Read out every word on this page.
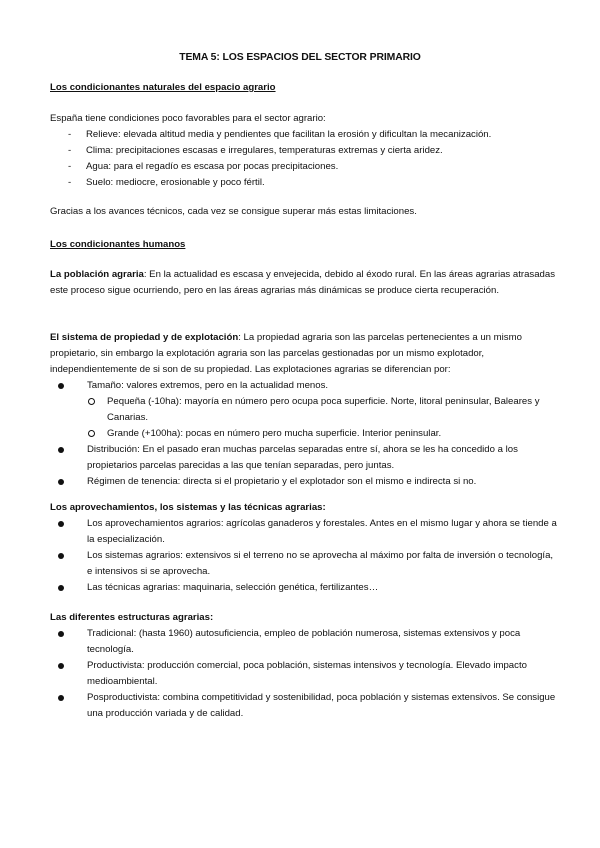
TEMA 5: LOS ESPACIOS DEL SECTOR PRIMARIO

Los condicionantes naturales del espacio agrario

España tiene condiciones poco favorables para el sector agrario:

- Relieve: elevada altitud media y pendientes que facilitan la erosión y dificultan la mecanización.
- Clima: precipitaciones escasas e irregulares, temperaturas extremas y cierta aridez.
- Agua: para el regadío es escasa por pocas precipitaciones.
- Suelo: mediocre, erosionable y poco fértil.

Gracias a los avances técnicos, cada vez se consigue superar más estas limitaciones.

Los condicionantes humanos

La población agraria: En la actualidad es escasa y envejecida, debido al éxodo rural. En las áreas agrarias atrasadas este proceso sigue ocurriendo, pero en las áreas agrarias más dinámicas se produce cierta recuperación.

El sistema de propiedad y de explotación: La propiedad agraria son las parcelas pertenecientes a un mismo propietario, sin embargo la explotación agraria son las parcelas gestionadas por un mismo explotador, independientemente de si son de su propiedad. Las explotaciones agrarias se diferencian por:

Tamaño: valores extremos, pero en la actualidad menos.
Pequeña (-10ha): mayoría en número pero ocupa poca superficie. Norte, litoral peninsular, Baleares y Canarias.
Grande (+100ha): pocas en número pero mucha superficie. Interior peninsular.
Distribución: En el pasado eran muchas parcelas separadas entre sí, ahora se les ha concedido a los propietarios parcelas parecidas a las que tenían separadas, pero juntas.
Régimen de tenencia: directa si el propietario y el explotador son el mismo e indirecta si no.

Los aprovechamientos, los sistemas y las técnicas agrarias:

Los aprovechamientos agrarios: agrícolas ganaderos y forestales. Antes en el mismo lugar y ahora se tiende a la especialización.
Los sistemas agrarios: extensivos si el terreno no se aprovecha al máximo por falta de inversión o tecnología, e intensivos si se aprovecha.
Las técnicas agrarias: maquinaria, selección genética, fertilizantes…

Las diferentes estructuras agrarias:

Tradicional: (hasta 1960) autosuficiencia, empleo de población numerosa, sistemas extensivos y poca tecnología.
Productivista: producción comercial, poca población, sistemas intensivos y tecnología. Elevado impacto medioambiental.
Posproductivista: combina competitividad y sostenibilidad, poca población y sistemas extensivos. Se consigue una producción variada y de calidad.
